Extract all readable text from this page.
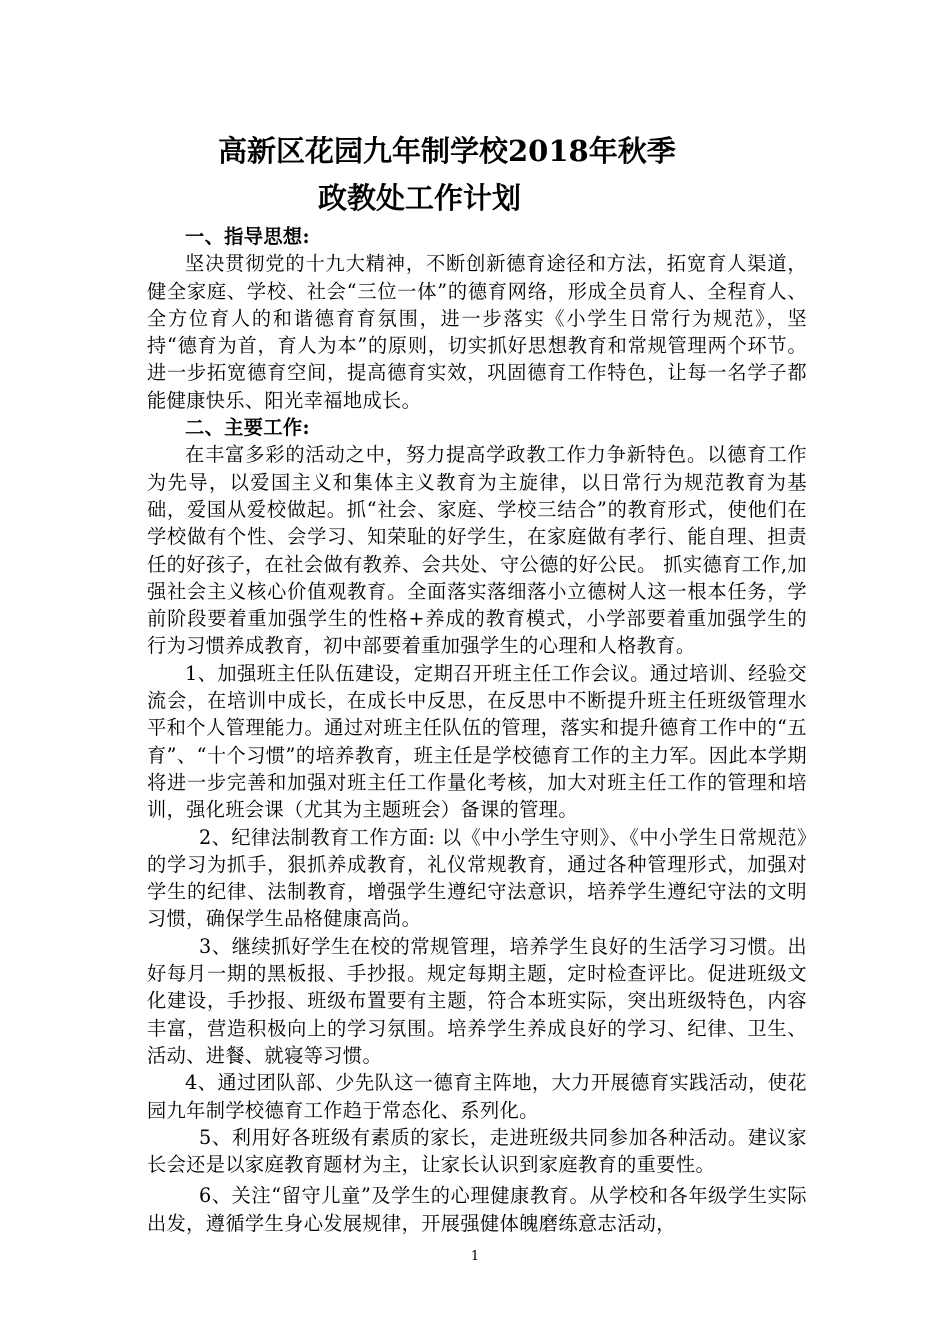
高新区花园九年制学校2018年秋季
政教处工作计划

一、指导思想:

坚决贯彻党的十九大精神，不断创新德育途径和方法，拓宽育人渠道，健全家庭、学校、社会“三位一体”的德育网络，形成全员育人、全程育人、全方位育人的和谐德育育氛围，进一步落实《小学生日常行为规范》，坚持“德育为首，育人为本”的原则，切实抓好思想教育和常规管理两个环节。进一步拓宽德育空间，提高德育实效，巩固德育工作特色，让每一名学子都能健康快乐、阳光幸福地成长。

二、主要工作:

在丰富多彩的活动之中，努力提高学政教工作力争新特色。以德育工作为先导，以爱国主义和集体主义教育为主旋律，以日常行为规范教育为基础，爱国从爱校做起。抓“社会、家庭、学校三结合”的教育形式，使他们在学校做有个性、会学习、知荣耻的好学生，在家庭做有孝行、能自理、担责任的好孩子，在社会做有教养、会共处、守公德的好公民。 抓实德育工作,加强社会主义核心价值观教育。全面落实落细落小立德树人这一根本任务，学前阶段要着重加强学生的性格+养成的教育模式，小学部要着重加强学生的行为习惯养成教育，初中部要着重加强学生的心理和人格教育。

1、加强班主任队伍建设，定期召开班主任工作会议。通过培训、经验交流会，在培训中成长，在成长中反思，在反思中不断提升班主任班级管理水平和个人管理能力。通过对班主任队伍的管理，落实和提升德育工作中的“五育”、“十个习惯”的培养教育，班主任是学校德育工作的主力军。因此本学期将进一步完善和加强对班主任工作量化考核，加大对班主任工作的管理和培训，强化班会课（尤其为主题班会）备课的管理。

2、纪律法制教育工作方面: 以《中小学生守则》、《中小学生日常规范》的学习为抓手，狠抓养成教育，礼仪常规教育，通过各种管理形式，加强对学生的纪律、法制教育，增强学生遵纪守法意识，培养学生遵纪守法的文明习惯，确保学生品格健康高尚。

3、继续抓好学生在校的常规管理，培养学生良好的生活学习习惯。出好每月一期的黑板报、手抄报。规定每期主题，定时检查评比。促进班级文化建设，手抄报、班级布置要有主题，符合本班实际，突出班级特色，内容丰富，营造积极向上的学习氛围。培养学生养成良好的学习、纪律、卫生、活动、进餐、就寝等习惯。

4、通过团队部、少先队这一德育主阵地，大力开展德育实践活动，使花园九年制学校德育工作趋于常态化、系列化。

5、利用好各班级有素质的家长，走进班级共同参加各种活动。建议家长会还是以家庭教育题材为主，让家长认识到家庭教育的重要性。

6、关注“留守儿童”及学生的心理健康教育。从学校和各年级学生实际出发，遵循学生身心发展规律，开展强健体魄磨练意志活动，

1
